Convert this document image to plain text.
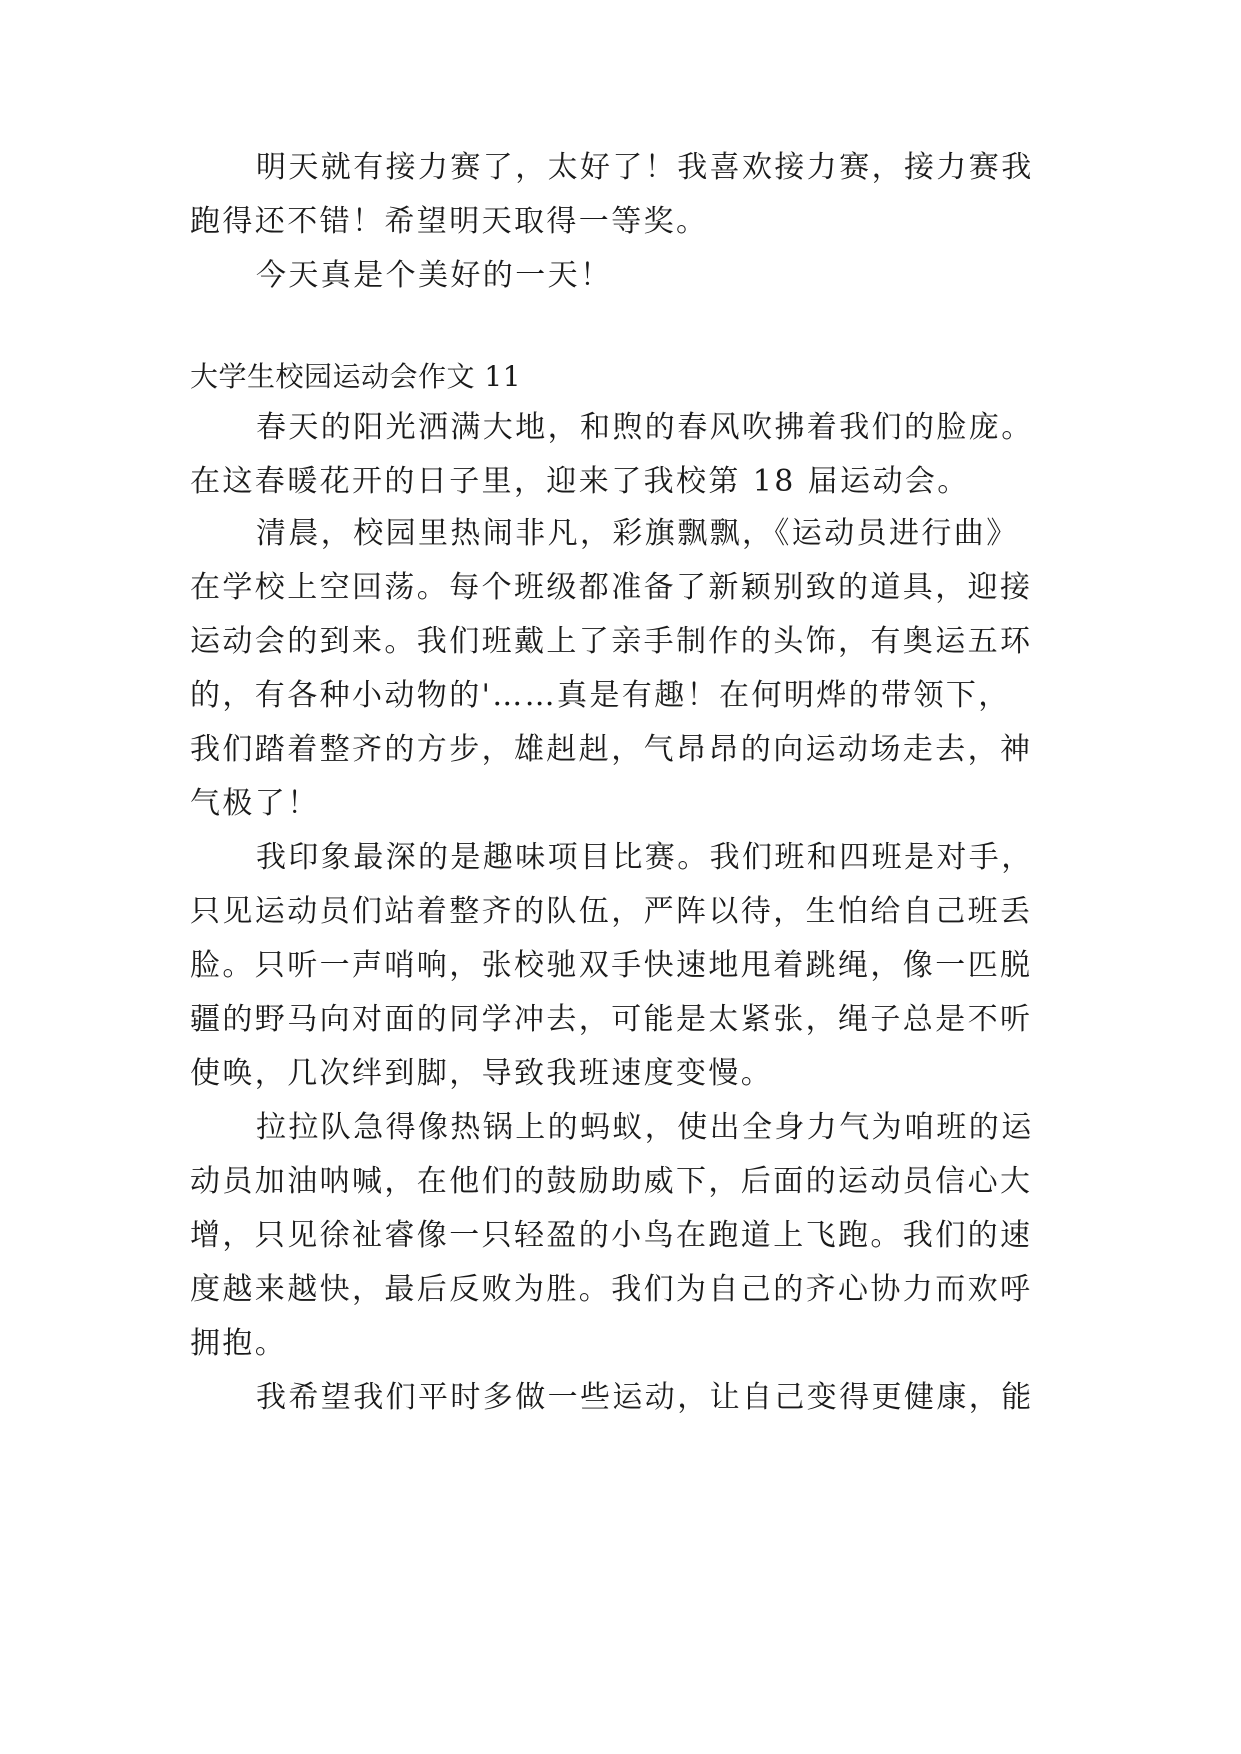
明天就有接力赛了，太好了！我喜欢接力赛，接力赛我
跑得还不错！希望明天取得一等奖。
今天真是个美好的一天！
大学生校园运动会作文 11
春天的阳光洒满大地，和煦的春风吹拂着我们的脸庞。
在这春暖花开的日子里，迎来了我校第 18 届运动会。
清晨，校园里热闹非凡，彩旗飘飘，《运动员进行曲》
在学校上空回荡。每个班级都准备了新颖别致的道具，迎接
运动会的到来。我们班戴上了亲手制作的头饰，有奥运五环
的，有各种小动物的'……真是有趣！在何明烨的带领下，
我们踏着整齐的方步，雄赳赳，气昂昂的向运动场走去，神
气极了！
我印象最深的是趣味项目比赛。我们班和四班是对手，
只见运动员们站着整齐的队伍，严阵以待，生怕给自己班丢
脸。只听一声哨响，张校驰双手快速地甩着跳绳，像一匹脱
疆的野马向对面的同学冲去，可能是太紧张，绳子总是不听
使唤，几次绊到脚，导致我班速度变慢。
拉拉队急得像热锅上的蚂蚁，使出全身力气为咱班的运
动员加油呐喊，在他们的鼓励助威下，后面的运动员信心大
增，只见徐祉睿像一只轻盈的小鸟在跑道上飞跑。我们的速
度越来越快，最后反败为胜。我们为自己的齐心协力而欢呼
拥抱。
我希望我们平时多做一些运动，让自己变得更健康，能
